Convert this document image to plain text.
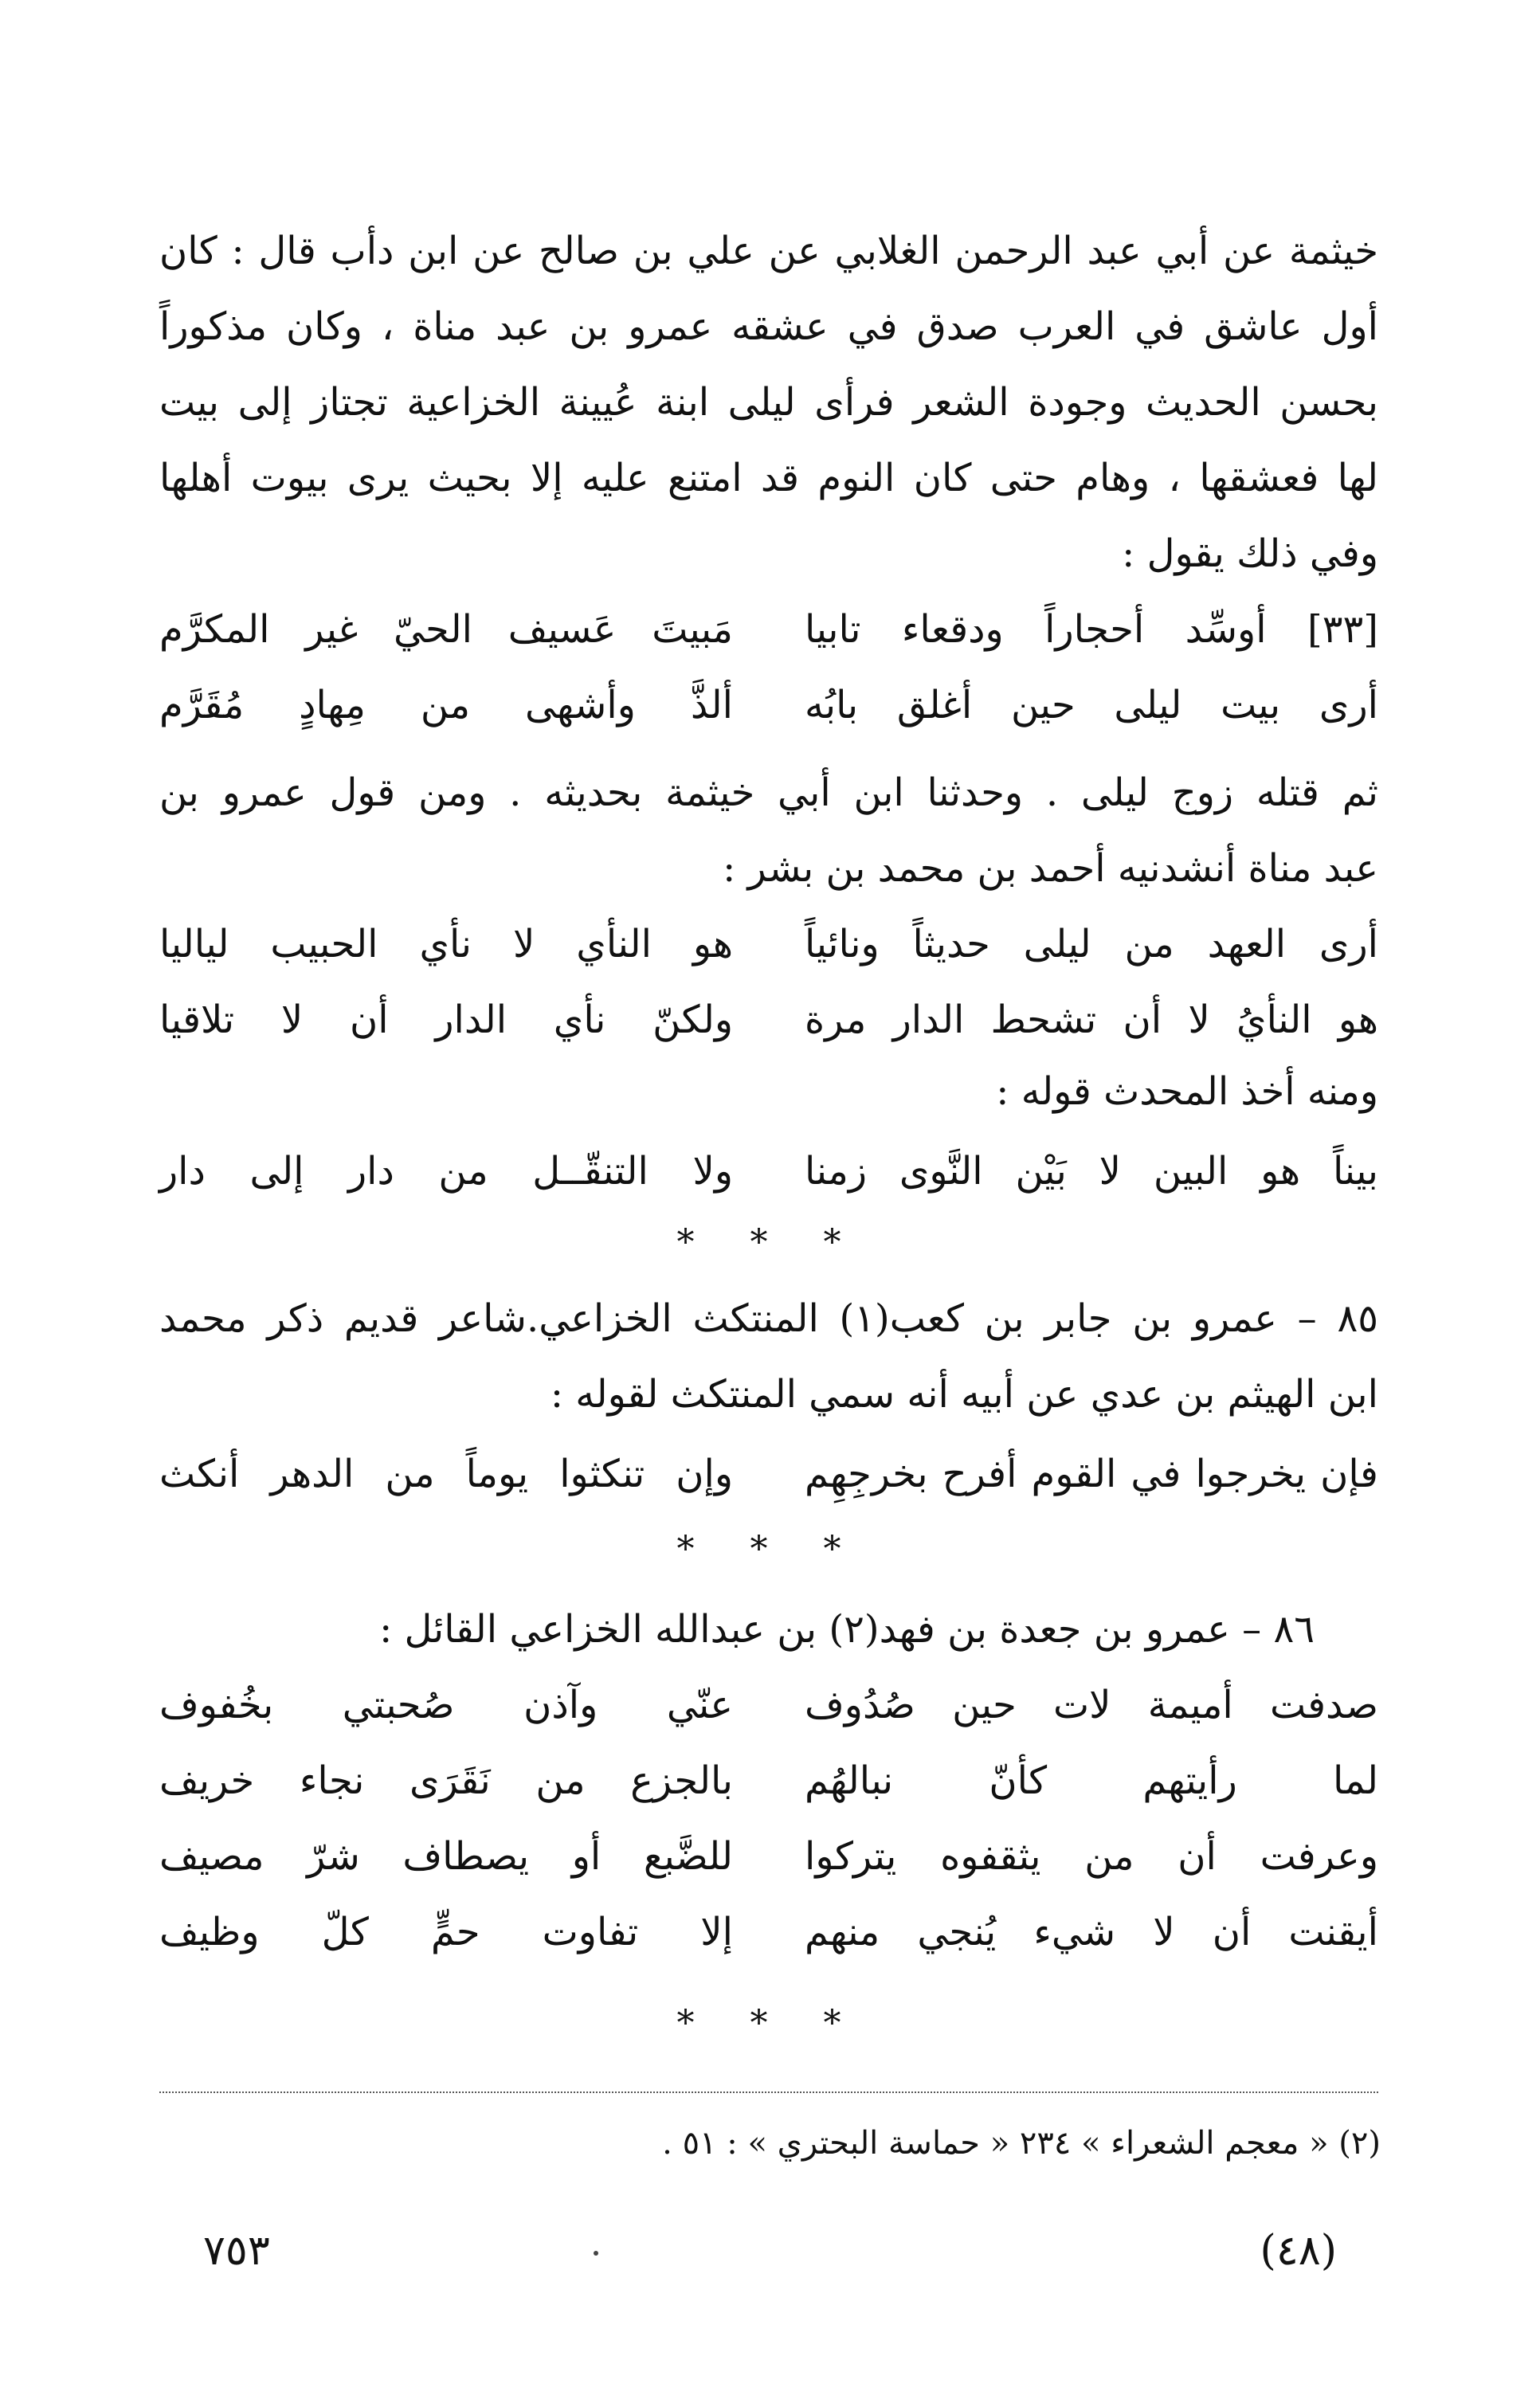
خيثمة عن أبي عبد الرحمن الغلابي عن علي بن صالح عن ابن دأب قال : كان
أول عاشق في العرب صدق في عشقه عمرو بن عبد مناة ، وكان مذكوراً
بحسن الحديث وجودة الشعر فرأى ليلى ابنة عُيينة الخزاعية تجتاز إلى بيت
لها فعشقها ، وهام حتى كان النوم قد امتنع عليه إلا بحيث يرى بيوت أهلها
وفي ذلك يقول :
[٣٣] أوسِّد أحجاراً ودقعاء تابيا
مَبيتَ عَسيف الحيّ غير المكرَّم
أرى بيت ليلى حين أغلق بابُه
ألذَّ وأشهى من مِهادٍ مُقَرَّم
ثم قتله زوج ليلى . وحدثنا ابن أبي خيثمة بحديثه . ومن قول عمرو بن
عبد مناة أنشدنيه أحمد بن محمد بن بشر :
أرى العهد من ليلى حديثاً ونائياً
هو النأي لا نأي الحبيب لياليا
هو النأيُ لا أن تشحط الدار مرة
ولكنّ نأي الدار أن لا تلاقيا
ومنه أخذ المحدث قوله :
بيناً هو البين لا بَيْن النَّوى زمنا
ولا التنقّــل من دار إلى دار
* * *
٨٥ – عمرو بن جابر بن كعب(١) المنتكث الخزاعي.شاعر قديم ذكر محمد
ابن الهيثم بن عدي عن أبيه أنه سمي المنتكث لقوله :
فإن يخرجوا في القوم أفرح بخرجِهِم
وإن تنكثوا يوماً من الدهر أنكث
* * *
٨٦ – عمرو بن جعدة بن فهد(٢) بن عبدالله الخزاعي القائل :
صدفت أميمة لات حين صُدُوف
عنّي وآذن صُحبتي بخُفوف
لما رأيتهم كأنّ نبالهُم
بالجزع من نَقَرَى نجاء خريف
وعرفت أن من يثقفوه يتركوا
للضَّبع أو يصطاف شرّ مصيف
أيقنت أن لا شيء يُنجي منهم
إلا تفاوت حمٍّ كلّ وظيف
* * *
(٢) « معجم الشعراء » ٢٣٤ « حماسة البحتري » : ٥١ .
٧٥٣	(٤٨)
